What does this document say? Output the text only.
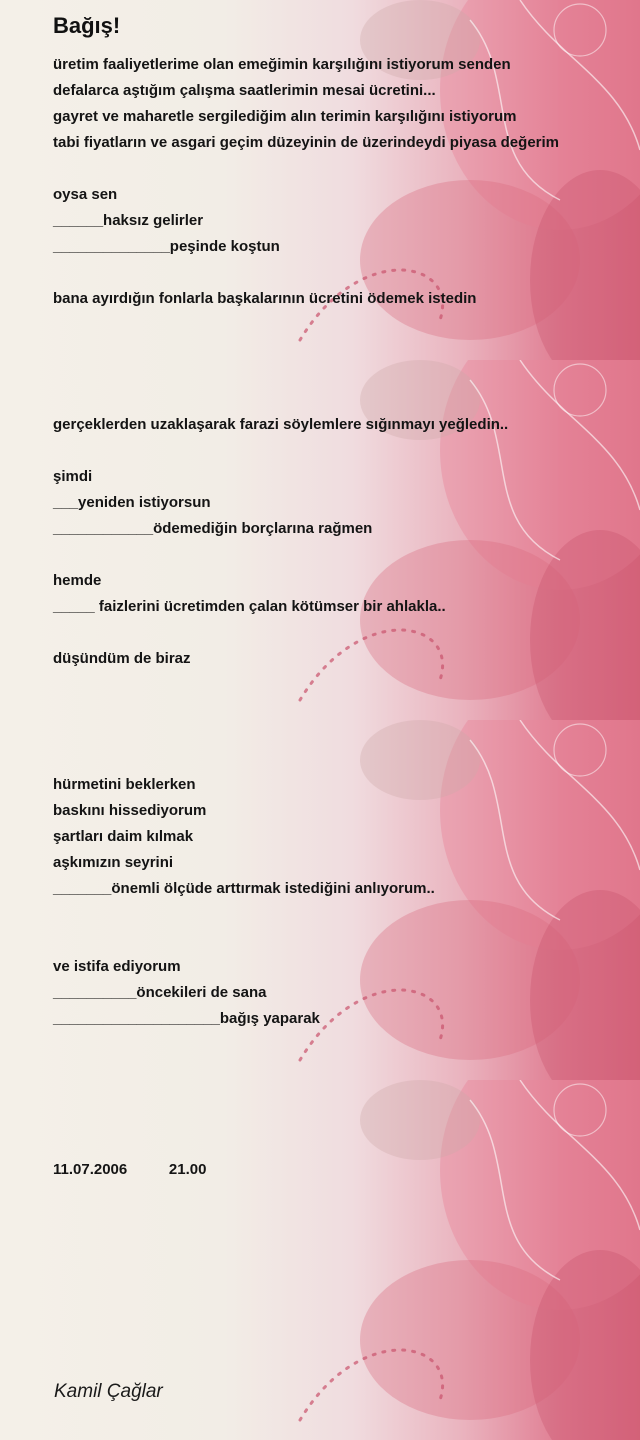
Bağış!
üretim faaliyetlerime olan emeğimin karşılığını istiyorum senden
defalarca aştığım çalışma saatlerimin mesai ücretini...
gayret ve maharetle sergilediğim alın terimin karşılığını istiyorum
tabi fiyatların ve asgari geçim düzeyinin de üzerindeydi piyasa değerim
oysa sen
______haksız gelirler
______________peşinde koştun
bana ayırdığın fonlarla başkalarının ücretini ödemek istedin
gerçeklerden uzaklaşarak farazi söylemlere sığınmayı yeğledin..
şimdi
___yeniden istiyorsun
____________ödemediğin borçlarına rağmen
hemde
_____ faizlerini ücretimden çalan kötümser bir ahlakla..
düşündüm de biraz
hürmetini beklerken
baskını hissediyorum
şartları daim kılmak
aşkımızın seyrini
_______önemli ölçüde arttırmak istediğini anlıyorum..
ve istifa ediyorum
__________öncekileri de sana
____________________bağış yaparak
11.07.2006          21.00
Kamil Çağlar
